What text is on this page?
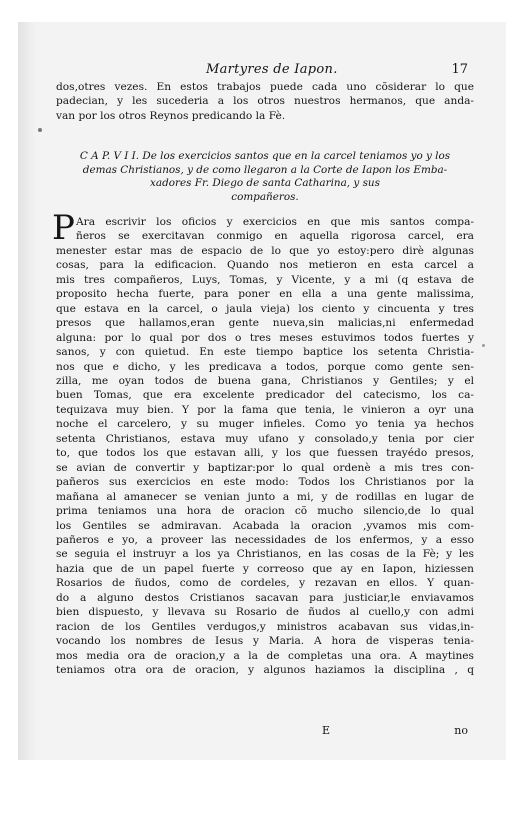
Martyres de Iapon.	17
dos,otres vezes. En estos trabajos puede cada uno cõsiderar lo que
padecian, y les sucederia a los otros nuestros hermanos, que anda-
van por los otros Reynos predicando la Fè.
C A P. V I I. De los exercicios santos que en la carcel teniamos yo y los
demas Christianos, y de como llegaron a la Corte de Iapon los Emba-
xadores Fr. Diego de santa Catharina, y sus
compañeros.
P Ara escrivir los oficios y exercicios en que mis santos compa-
ñeros se exercitavan conmigo en aquella rigorosa carcel, era
menester estar mas de espacio de lo que yo estoy:pero dirè algunas
cosas, para la edificacion. Quando nos metieron en esta carcel a
mis tres compañeros, Luys, Tomas, y Vicente, y a mi (q estava de
proposito hecha fuerte, para poner en ella a una gente malissima,
que estava en la carcel, o jaula vieja) los ciento y cincuenta y tres
presos que hallamos,eran gente nueva,sin malicias,ni enfermedad
alguna: por lo qual por dos o tres meses estuvimos todos fuertes y
sanos, y con quietud. En este tiempo baptice los setenta Christia-
nos que e dicho, y les predicava a todos, porque como gente sen-
zilla, me oyan todos de buena gana, Christianos y Gentiles; y el
buen Tomas, que era excelente predicador del catecismo, los ca-
tequizava muy bien. Y por la fama que tenia, le vinieron a oyr una
noche el carcelero, y su muger infieles. Como yo tenia ya hechos
setenta Christianos, estava muy ufano y consolado,y tenia por cier
to, que todos los que estavan alli, y los que fuessen trayédo presos,
se avian de convertir y baptizar:por lo qual ordenè a mis tres con-
pañeros sus exercicios en este modo: Todos los Christianos por la
mañana al amanecer se venian junto a mi, y de rodillas en lugar de
prima teniamos una hora de oracion cõ mucho silencio,de lo qual
los Gentiles se admiravan. Acabada la oracion ,yvamos mis com-
pañeros e yo, a proveer las necessidades de los enfermos, y a esso
se seguia el instruyr a los ya Christianos, en las cosas de la Fè; y les
hazia que de un papel fuerte y correoso que ay en Iapon, hiziessen
Rosarios de ñudos, como de cordeles, y rezavan en ellos. Y quan-
do a alguno destos Cristianos sacavan para justiciar,le enviavamos
bien dispuesto, y llevava su Rosario de ñudos al cuello,y con admi
racion de los Gentiles verdugos,y ministros acabavan sus vidas,in-
vocando los nombres de Iesus y Maria. A hora de visperas tenia-
mos media ora de oracion,y a la de completas una ora. A maytines
teniamos otra ora de oracion, y algunos haziamos la disciplina , q
E	no
